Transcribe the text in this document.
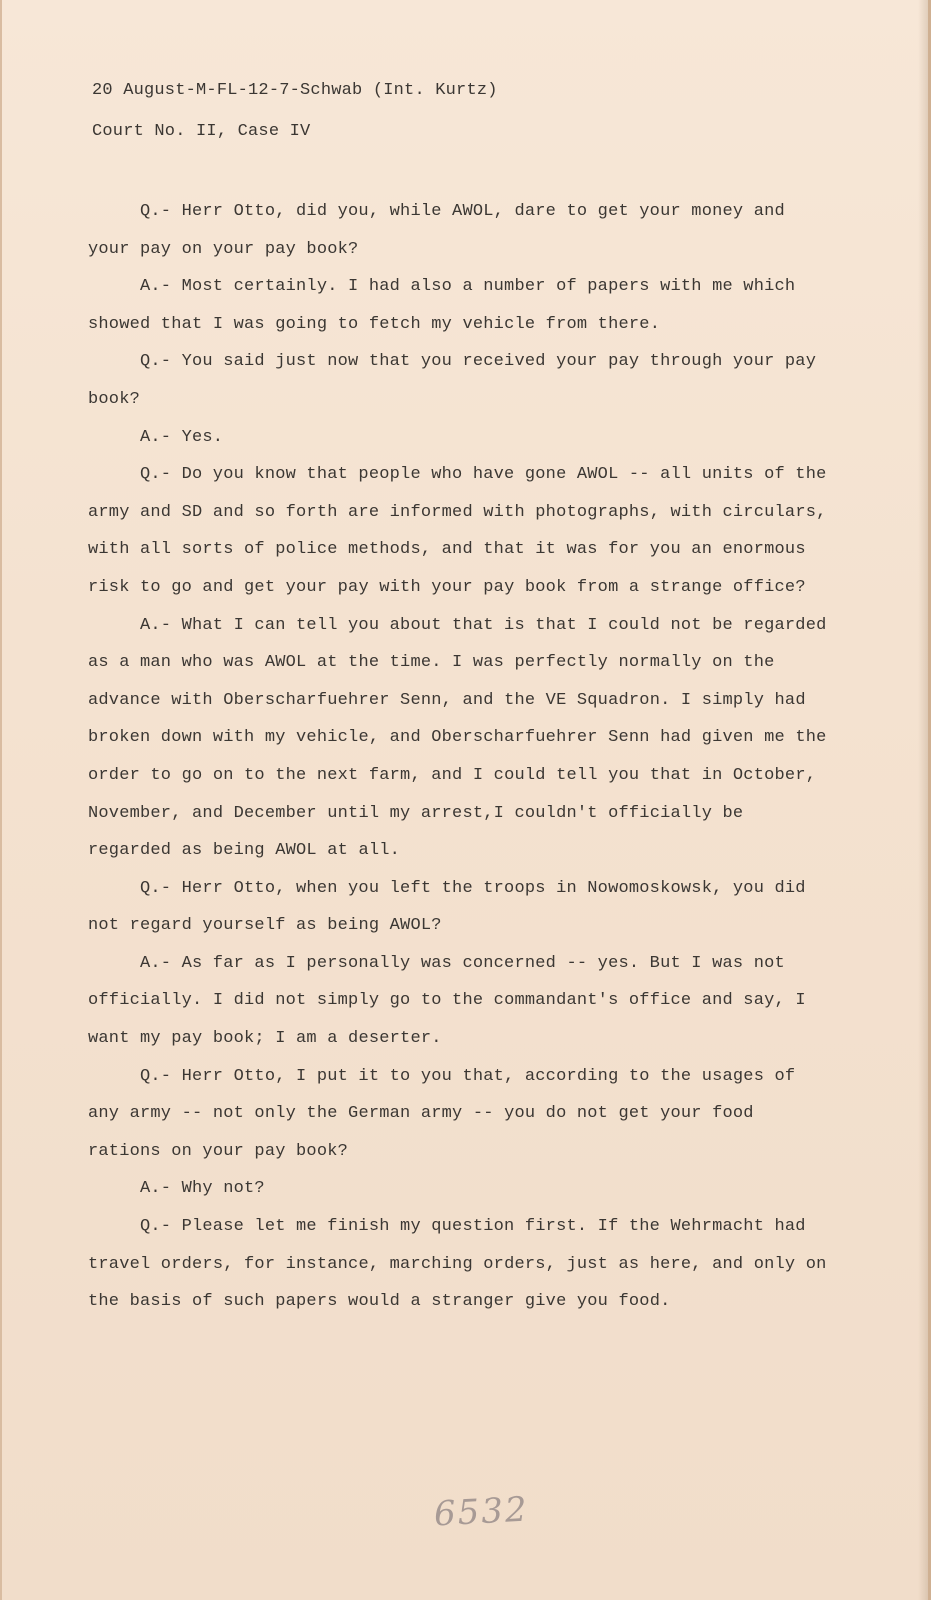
20 August-M-FL-12-7-Schwab (Int. Kurtz)
Court No. II, Case IV

Q.- Herr Otto, did you, while AWOL, dare to get your money and your pay on your pay book?

A.- Most certainly. I had also a number of papers with me which showed that I was going to fetch my vehicle from there.

Q.- You said just now that you received your pay through your pay book?

A.- Yes.

Q.- Do you know that people who have gone AWOL -- all units of the army and SD and so forth are informed with photographs, with circulars, with all sorts of police methods, and that it was for you an enormous risk to go and get your pay with your pay book from a strange office?

A.- What I can tell you about that is that I could not be regarded as a man who was AWOL at the time. I was perfectly normally on the advance with Oberscharfuehrer Senn, and the VE Squadron. I simply had broken down with my vehicle, and Oberscharfuehrer Senn had given me the order to go on to the next farm, and I could tell you that in October, November, and December until my arrest,I couldn't officially be regarded as being AWOL at all.

Q.- Herr Otto, when you left the troops in Nowomoskowsk, you did not regard yourself as being AWOL?

A.- As far as I personally was concerned -- yes. But I was not officially. I did not simply go to the commandant's office and say, I want my pay book; I am a deserter.

Q.- Herr Otto, I put it to you that, according to the usages of any army -- not only the German army -- you do not get your food rations on your pay book?

A.- Why not?

Q.- Please let me finish my question first. If the Wehrmacht had travel orders, for instance, marching orders, just as here, and only on the basis of such papers would a stranger give you food.

6532
